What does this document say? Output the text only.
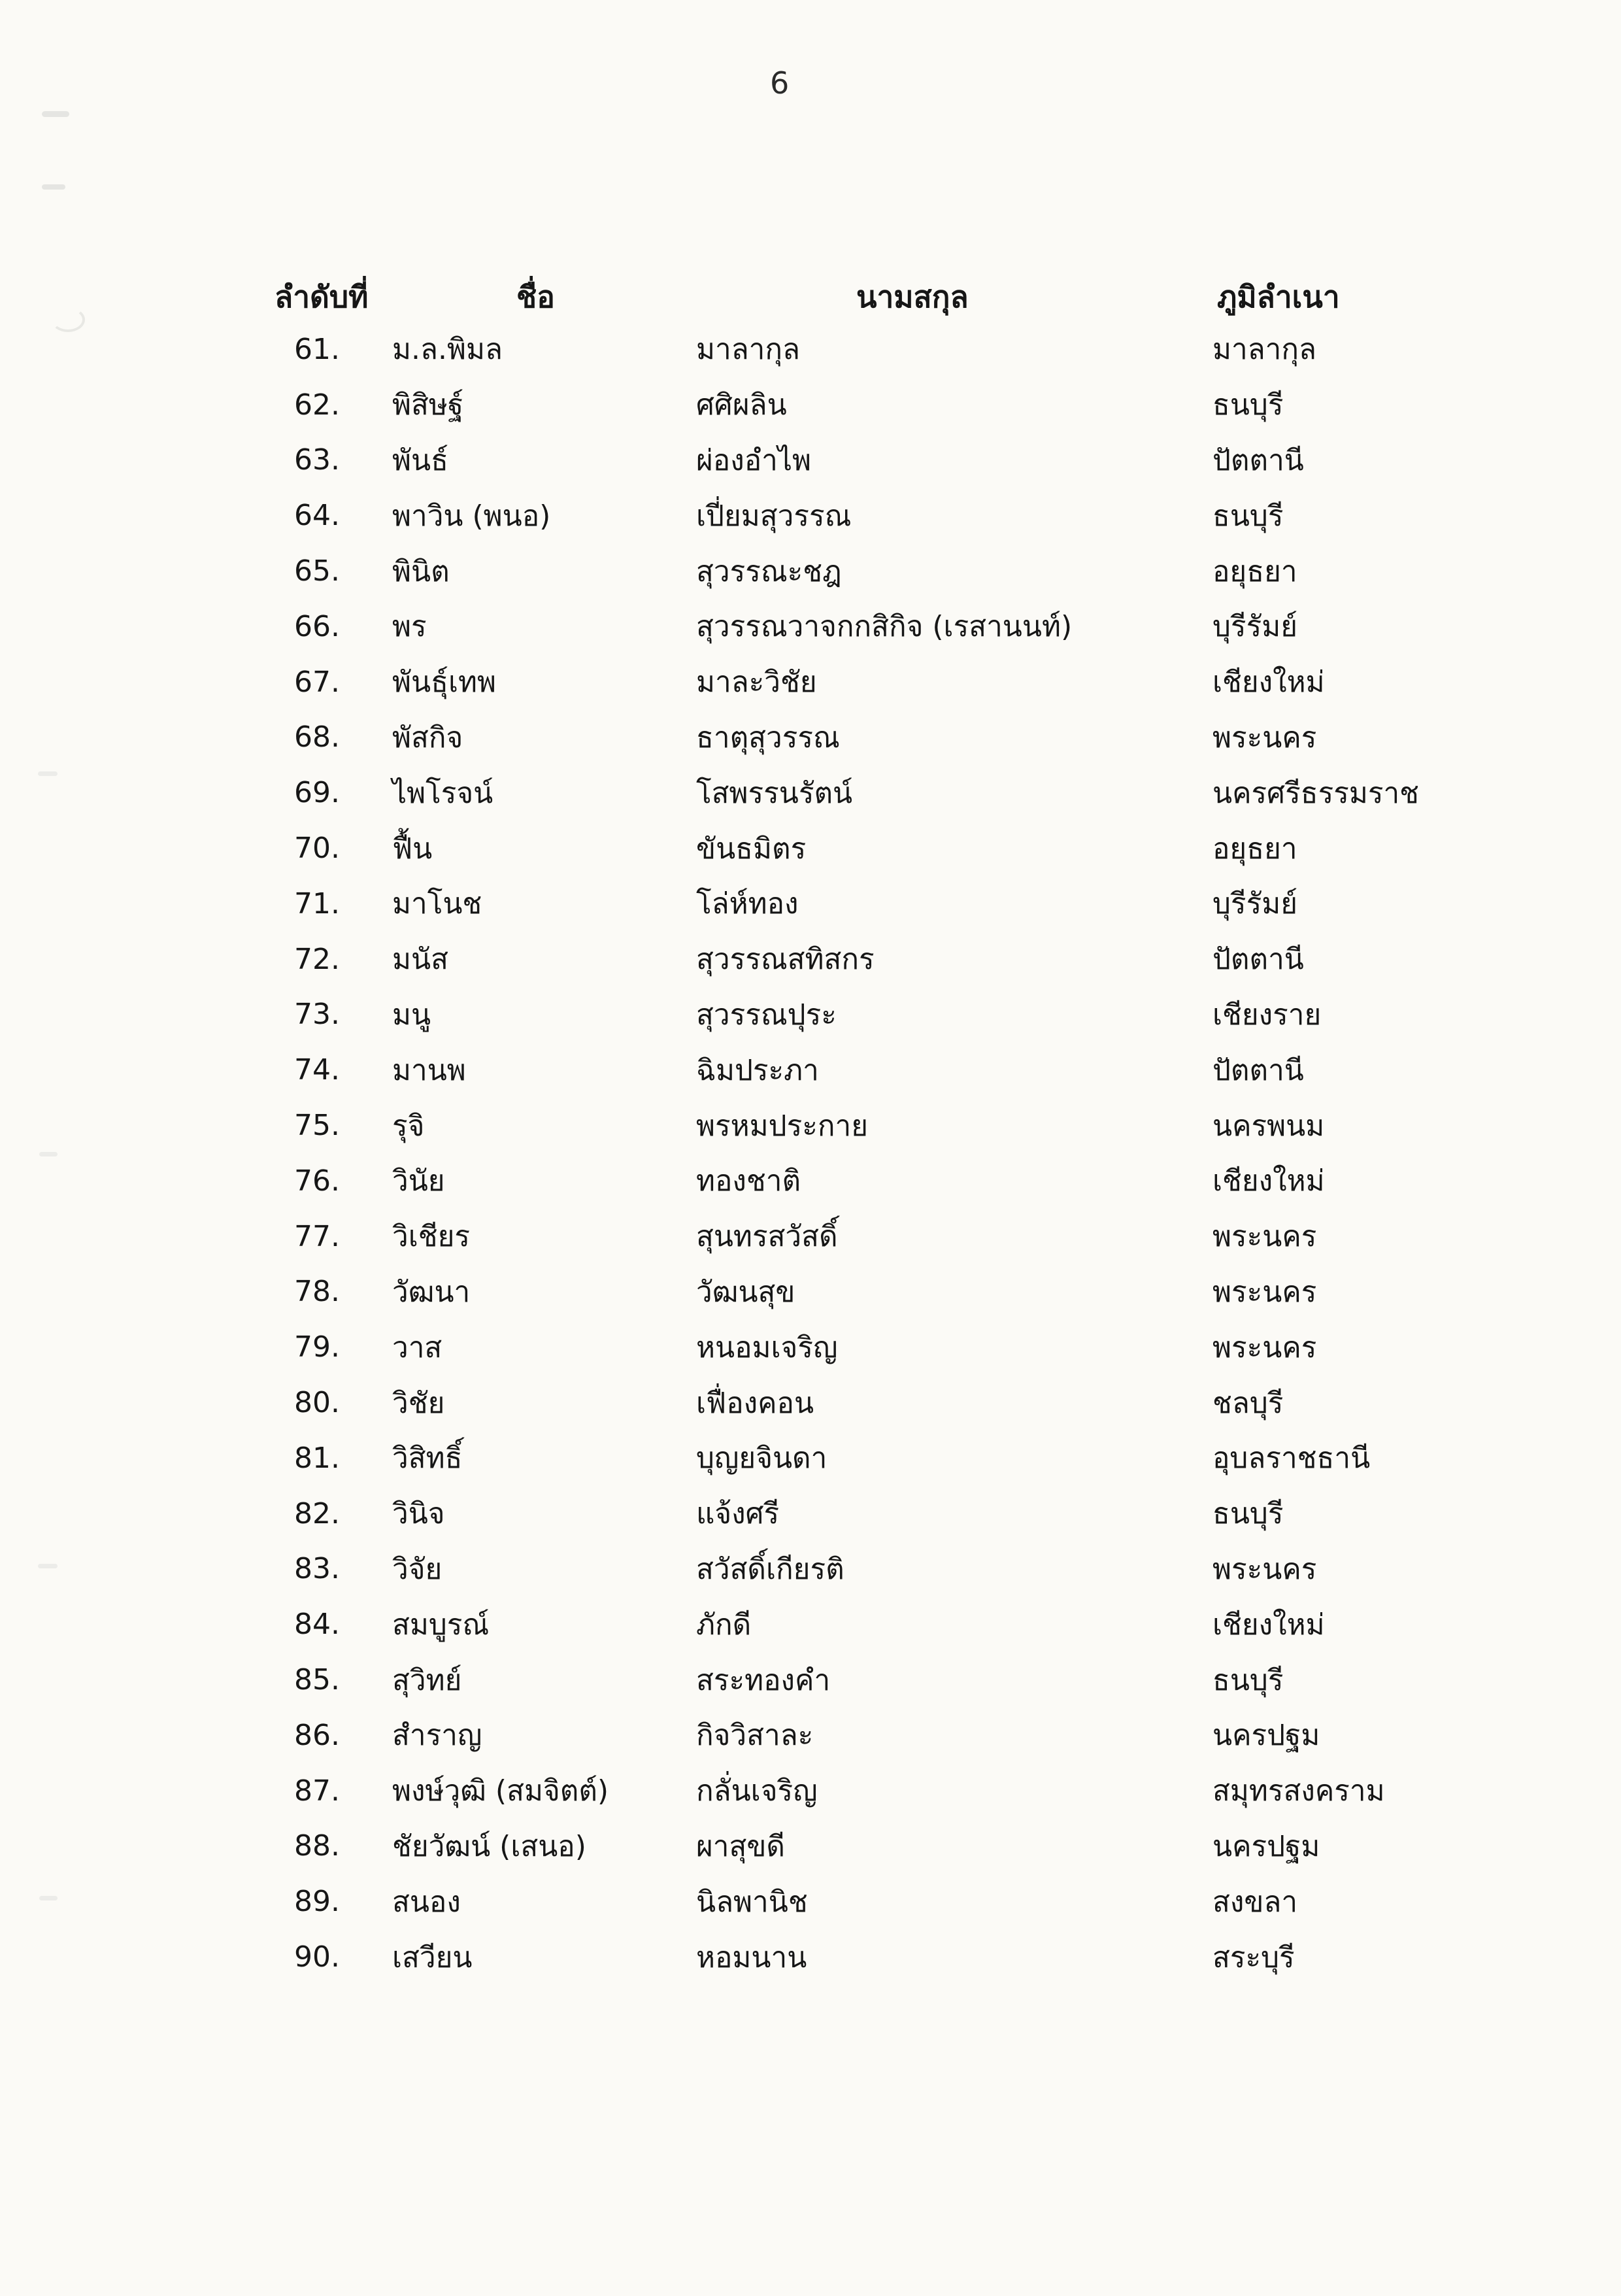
6
ลำดับที่	ชื่อ	นามสกุล	ภูมิลำเนา
61.	ม.ล.พิมล	มาลากุล	มาลากุล
62.	พิสิษฐ์	ศศิผลิน	ธนบุรี
63.	พันธ์	ผ่องอำไพ	ปัตตานี
64.	พาวิน (พนอ)	เปี่ยมสุวรรณ	ธนบุรี
65.	พินิต	สุวรรณะชฎ	อยุธยา
66.	พร	สุวรรณวาจกกสิกิจ (เรสานนท์)	บุรีรัมย์
67.	พันธุ์เทพ	มาละวิชัย	เชียงใหม่
68.	พัสกิจ	ธาตุสุวรรณ	พระนคร
69.	ไพโรจน์	โสพรรนรัตน์	นครศรีธรรมราช
70.	ฟื้น	ขันธมิตร	อยุธยา
71.	มาโนช	โล่ห์ทอง	บุรีรัมย์
72.	มนัส	สุวรรณสทิสกร	ปัตตานี
73.	มนู	สุวรรณปุระ	เชียงราย
74.	มานพ	ฉิมประภา	ปัตตานี
75.	รุจิ	พรหมประกาย	นครพนม
76.	วินัย	ทองชาติ	เชียงใหม่
77.	วิเชียร	สุนทรสวัสดิ์	พระนคร
78.	วัฒนา	วัฒนสุข	พระนคร
79.	วาส	หนอมเจริญ	พระนคร
80.	วิชัย	เฟื่องคอน	ชลบุรี
81.	วิสิทธิ์	บุญยจินดา	อุบลราชธานี
82.	วินิจ	แจ้งศรี	ธนบุรี
83.	วิจัย	สวัสดิ์เกียรติ	พระนคร
84.	สมบูรณ์	ภักดี	เชียงใหม่
85.	สุวิทย์	สระทองคำ	ธนบุรี
86.	สำราญ	กิจวิสาละ	นครปฐม
87.	พงษ์วุฒิ (สมจิตต์)	กลั่นเจริญ	สมุทรสงคราม
88.	ชัยวัฒน์ (เสนอ)	ผาสุขดี	นครปฐม
89.	สนอง	นิลพานิช	สงขลา
90.	เสวียน	หอมนาน	สระบุรี
